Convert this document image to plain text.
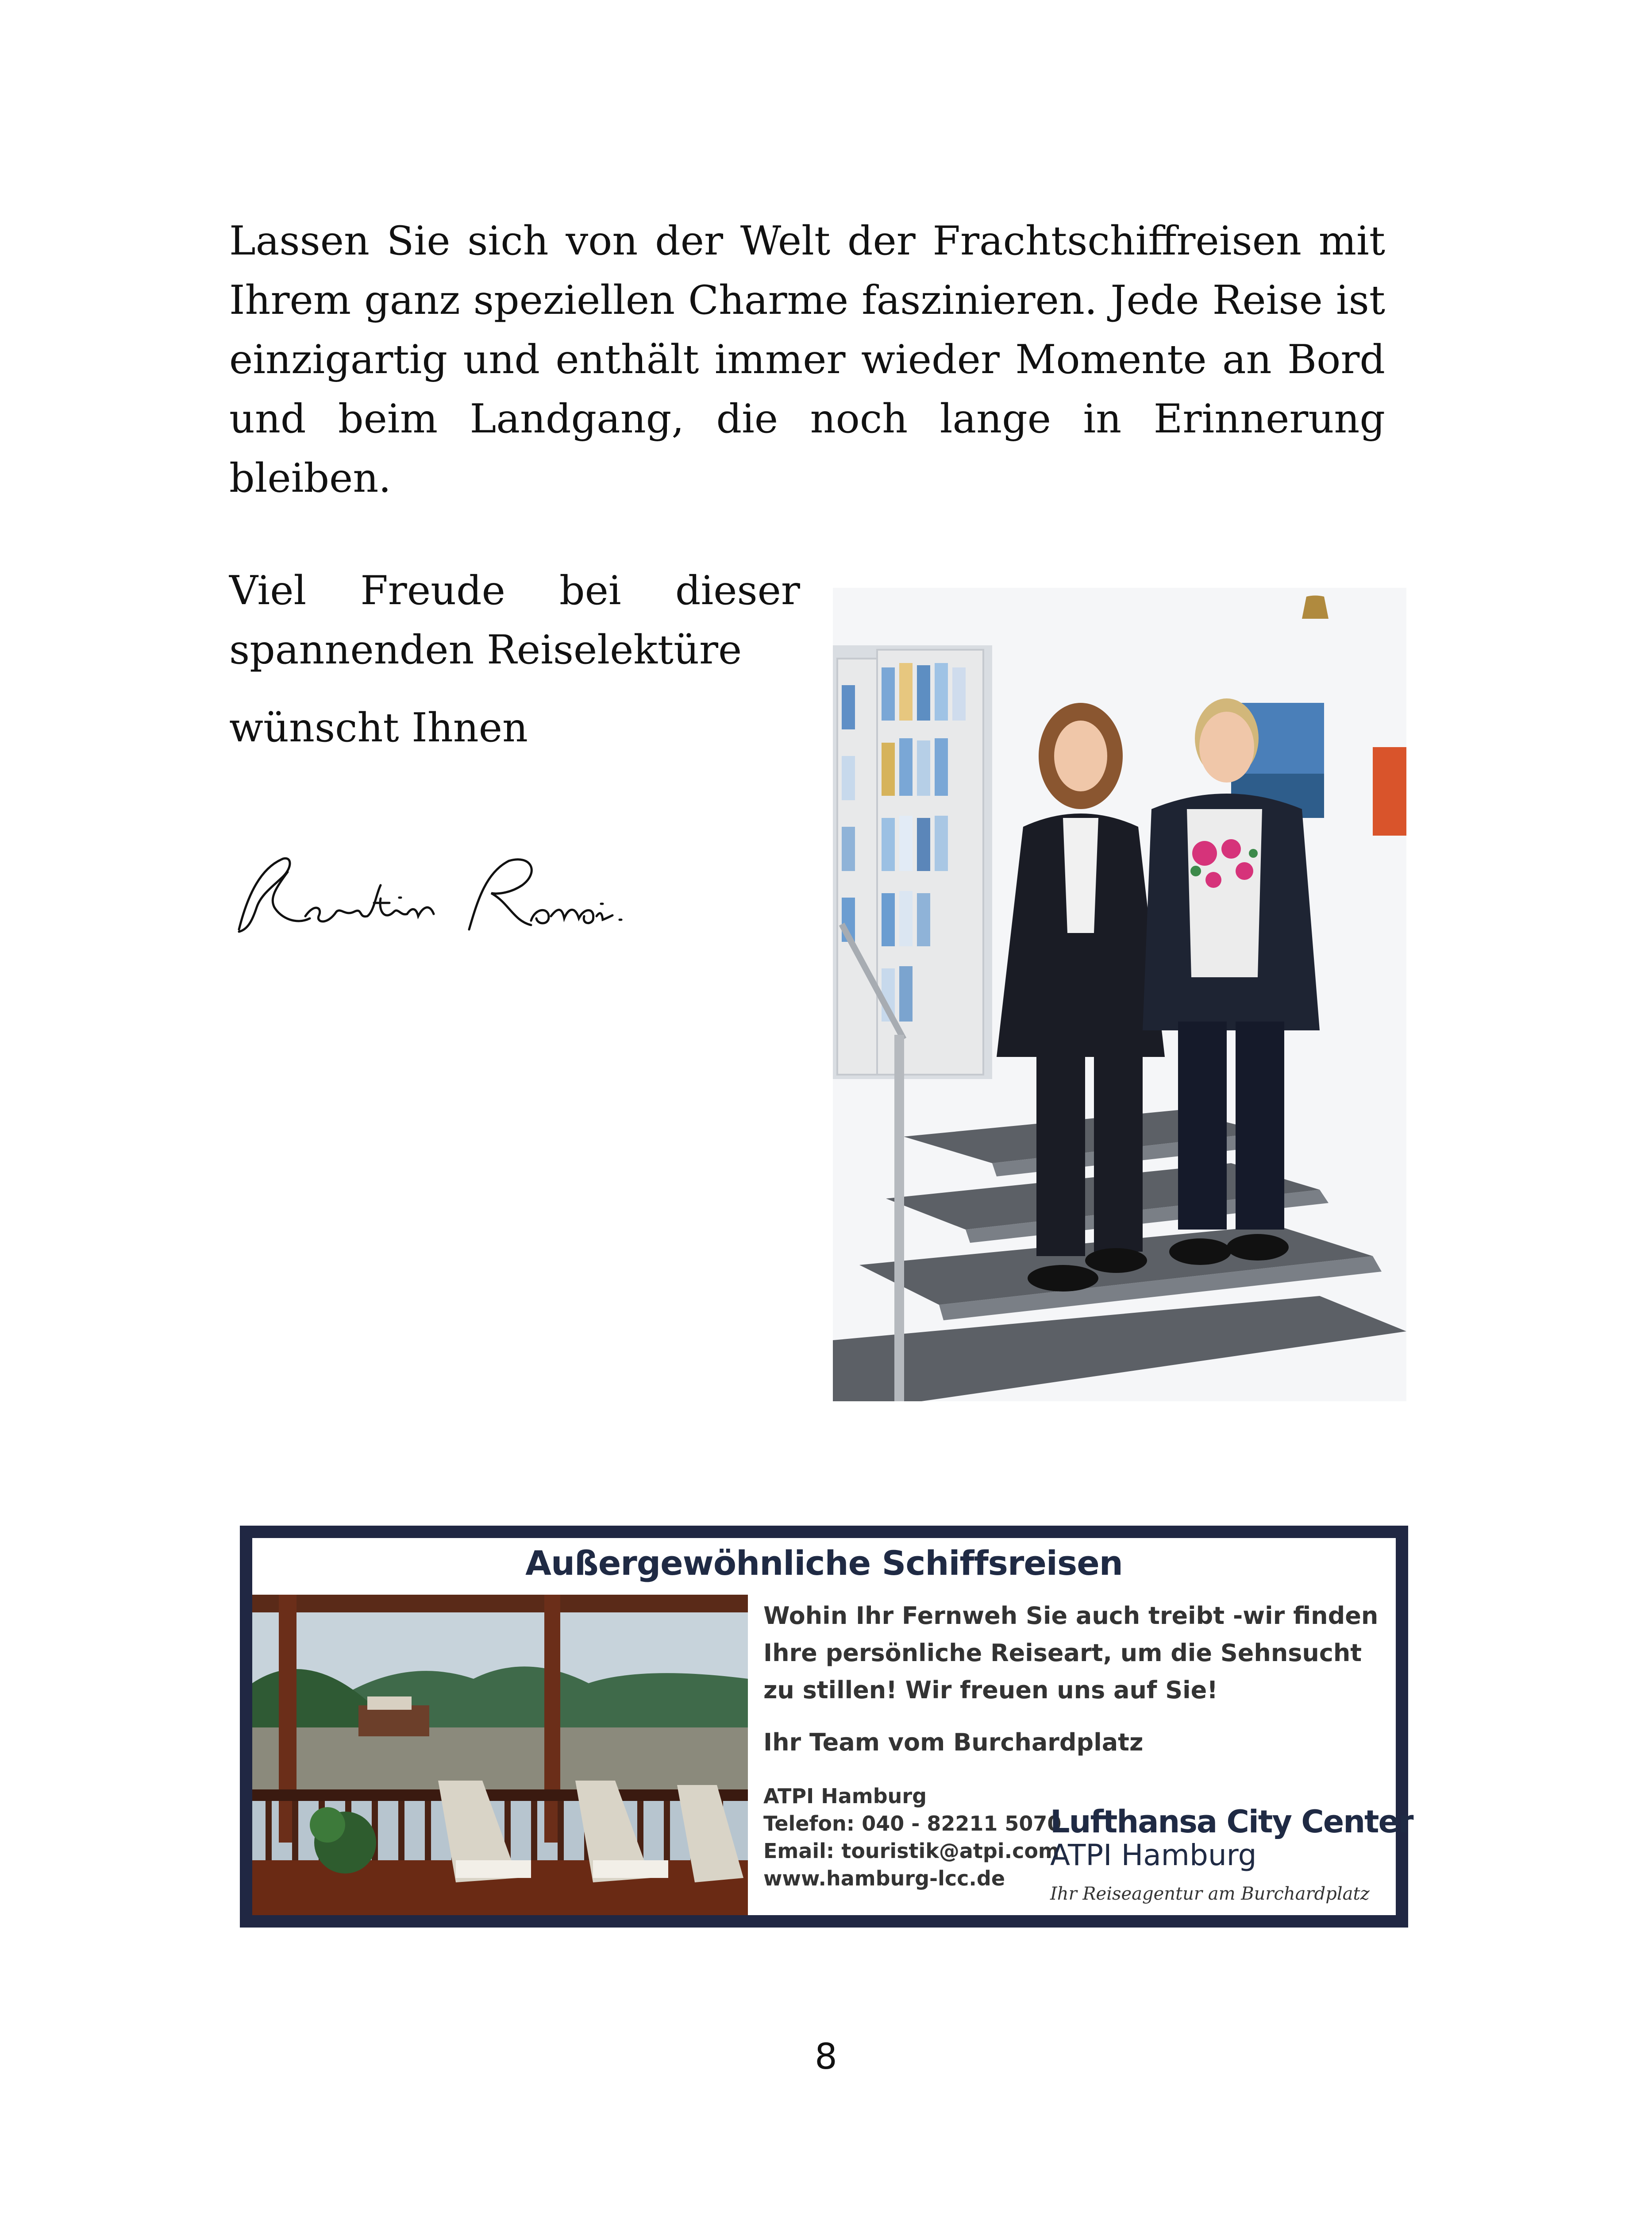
Lassen Sie sich von der Welt der Frachtschiffreisen mit Ihrem ganz speziellen Charme faszinieren. Jede Reise ist einzigartig und enthält immer wieder Momente an Bord und beim Landgang, die noch lange in Erinnerung bleiben.

Viel Freude bei dieser
spannenden Reiselektüre

wünscht Ihnen

Außergewöhnliche Schiffsreisen
Wohin Ihr Fernweh Sie auch treibt -wir finden
Ihre persönliche Reiseart, um die Sehnsucht
zu stillen! Wir freuen uns auf Sie!
Ihr Team vom Burchardplatz
ATPI Hamburg
Telefon: 040 - 82211 5070
Email: touristik@atpi.com
www.hamburg-lcc.de
Lufthansa City Center
ATPI Hamburg
Ihr Reiseagentur am Burchardplatz
8
